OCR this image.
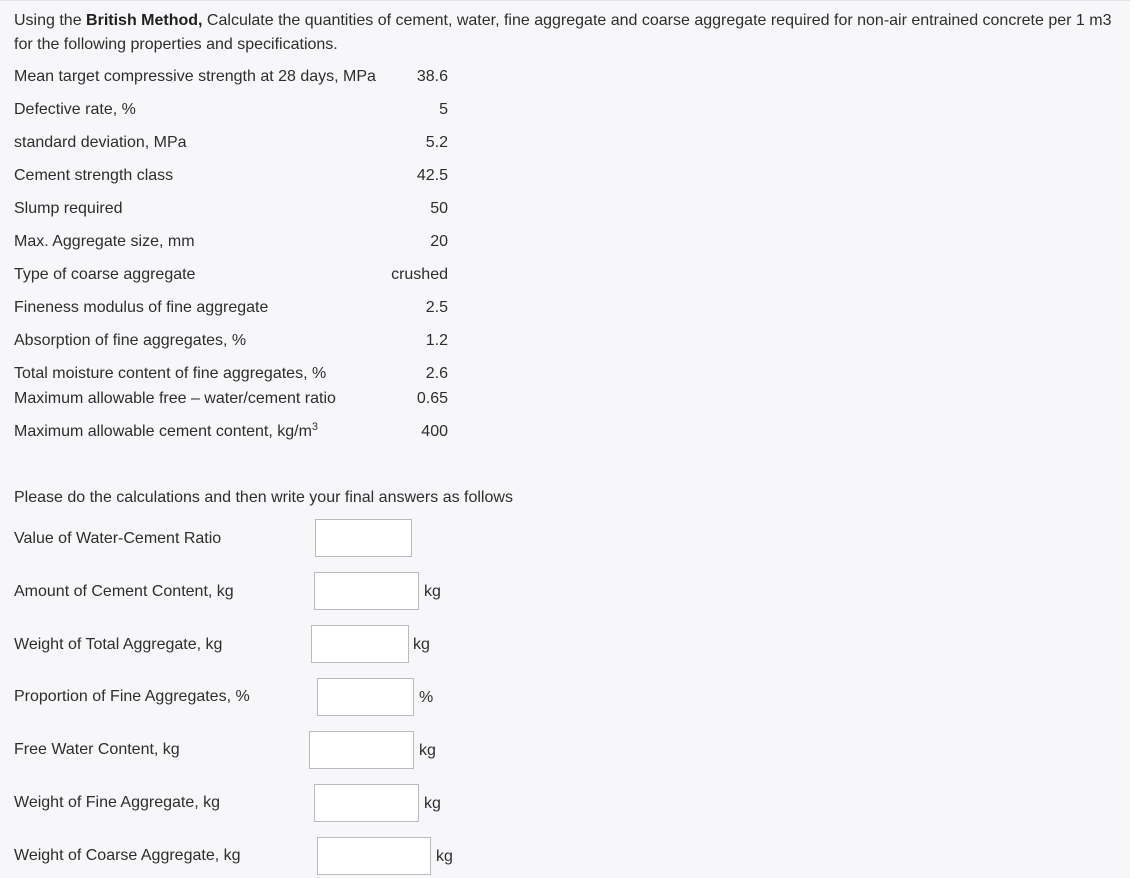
Using the British Method, Calculate the quantities of cement, water, fine aggregate and coarse aggregate required for non-air entrained concrete per 1 m3 for the following properties and specifications.
Mean target compressive strength at 28 days, MPa	38.6
Defective rate, %	5
standard deviation, MPa	5.2
Cement strength class	42.5
Slump required	50
Max. Aggregate size, mm	20
Type of coarse aggregate	crushed
Fineness modulus of fine aggregate	2.5
Absorption of fine aggregates, %	1.2
Total moisture content of fine aggregates, %	2.6
Maximum allowable free – water/cement ratio	0.65
Maximum allowable cement content, $kg/m^3$	400
Please do the calculations and then write your final answers as follows
Value of Water-Cement Ratio
Amount of Cement Content, kg	kg
Weight of Total Aggregate, kg	kg
Proportion of Fine Aggregates, %	%
Free Water Content, kg	kg
Weight of Fine Aggregate, kg	kg
Weight of Coarse Aggregate, kg	kg
